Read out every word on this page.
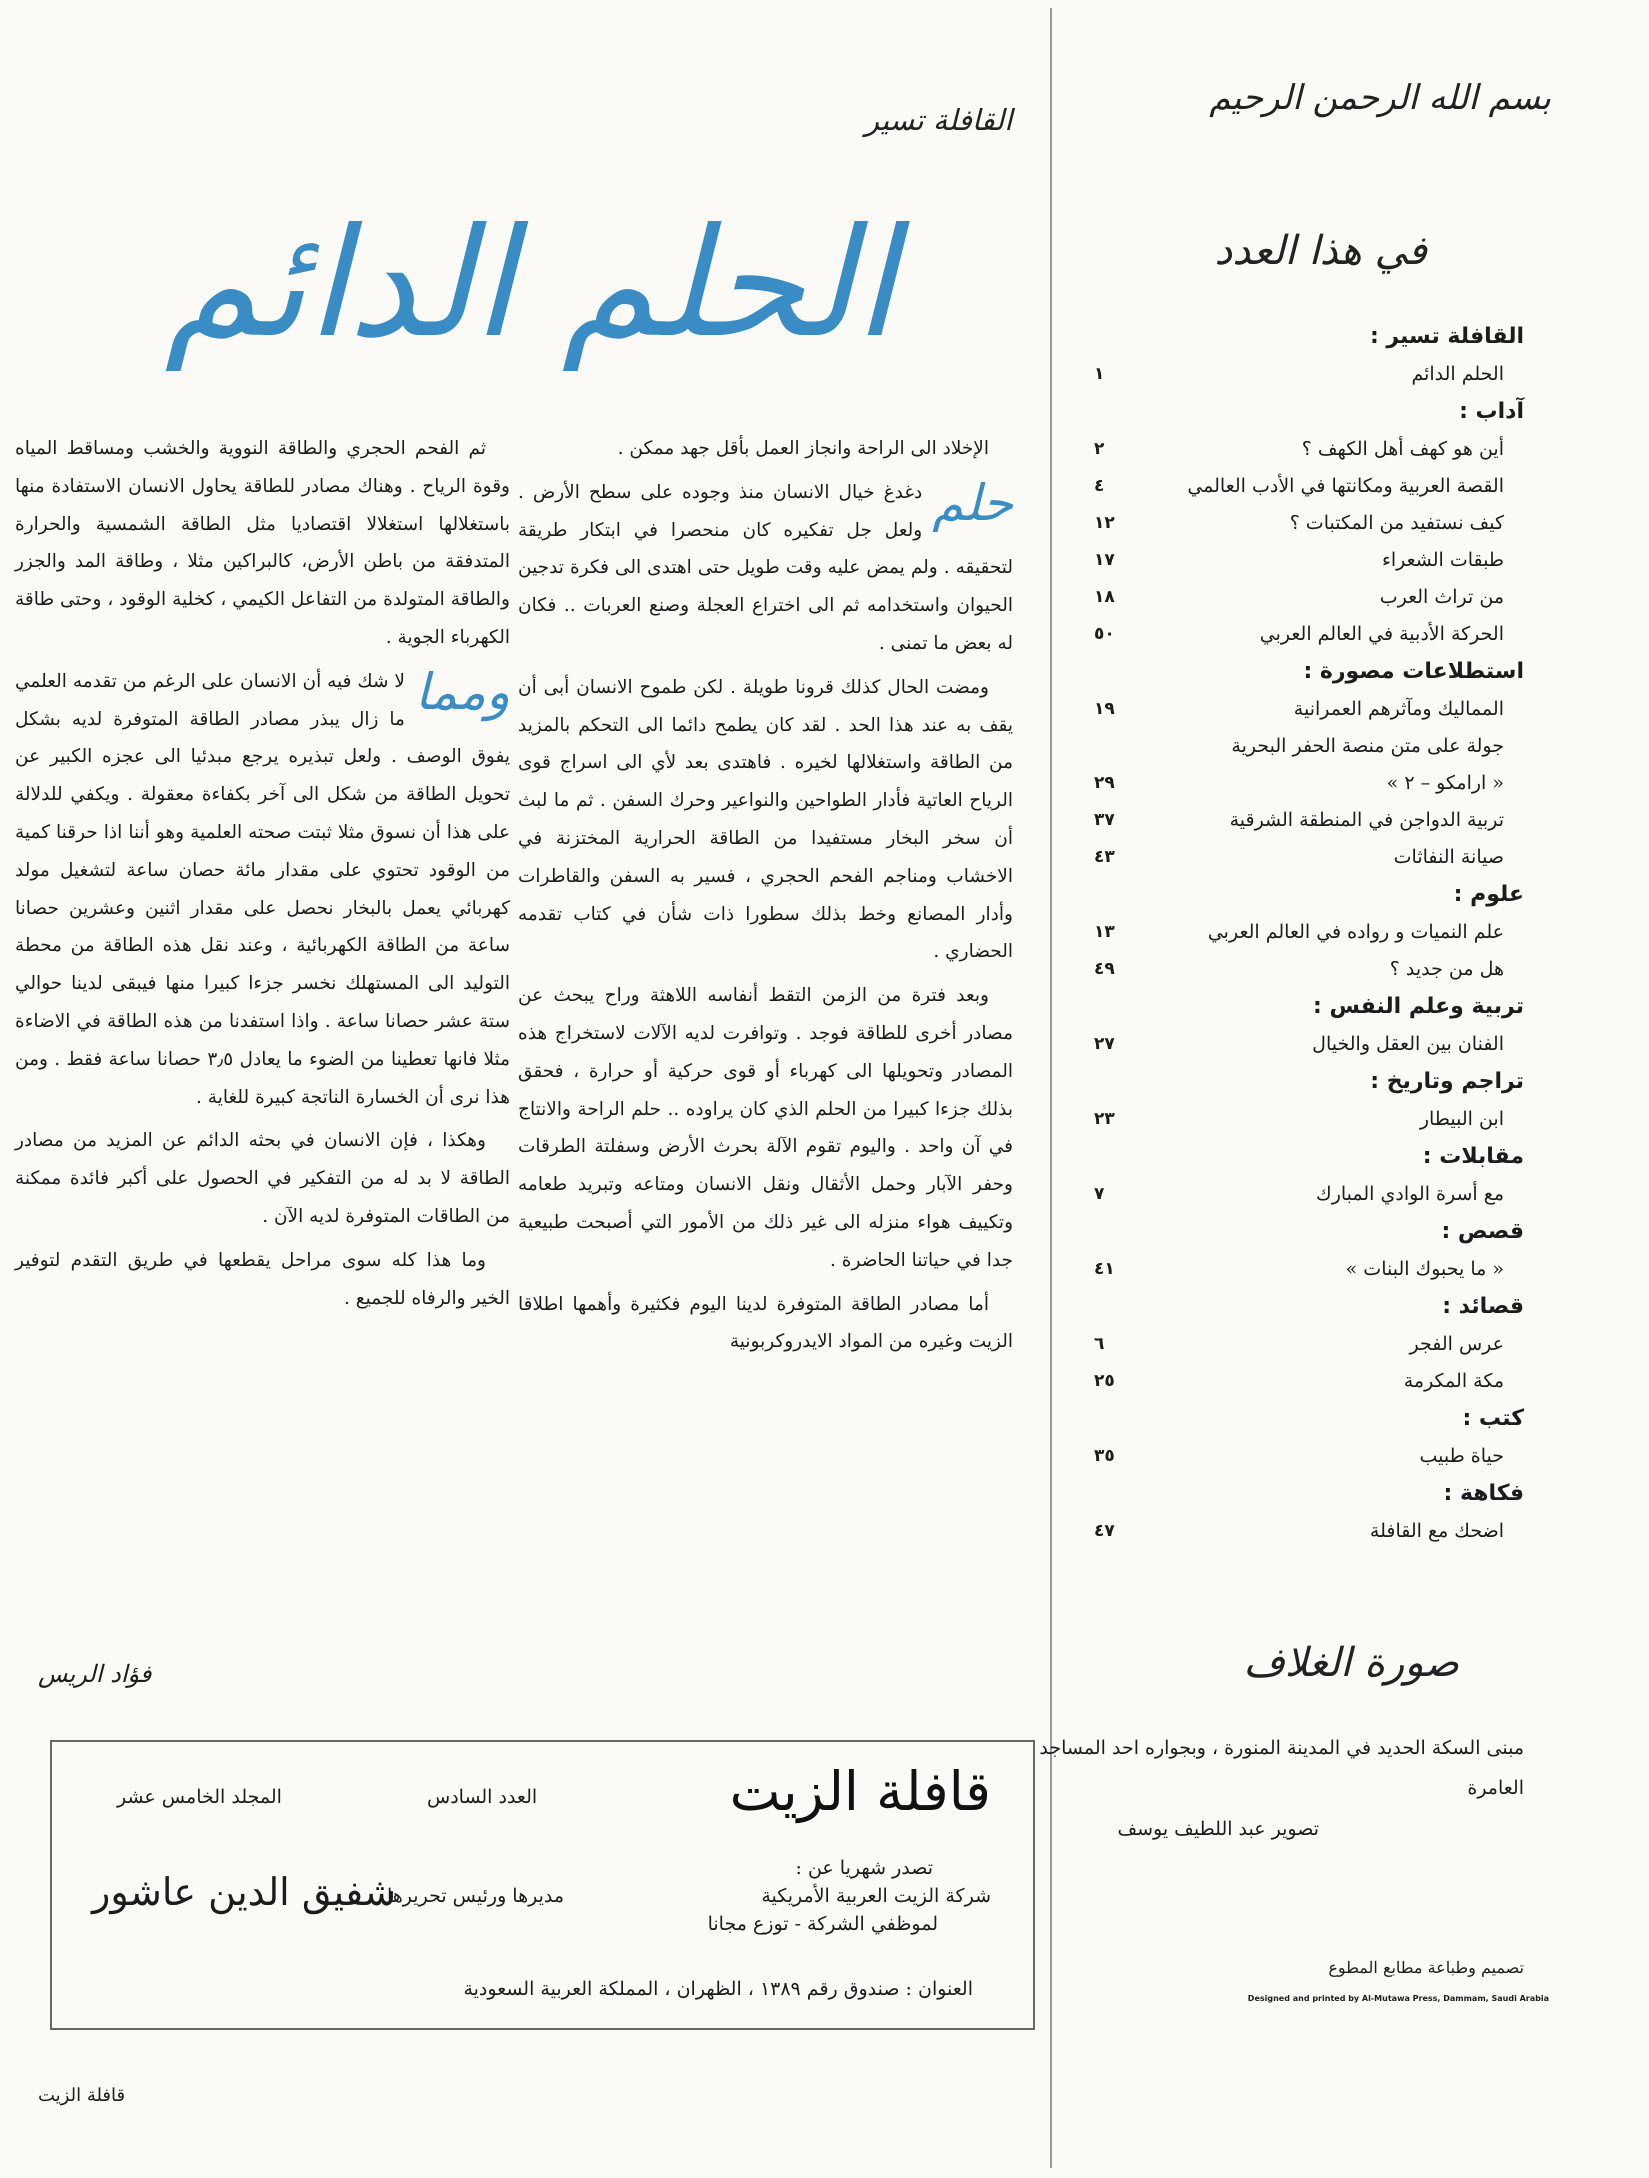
بسم الله الرحمن الرحيم
في هذا العدد
القافلة تسير :
الحلم الدائم
١
آداب :
أين هو كهف أهل الكهف ؟
٢
القصة العربية ومكانتها في الأدب العالمي
٤
كيف نستفيد من المكتبات ؟
١٢
طبقات الشعراء
١٧
من تراث العرب
١٨
الحركة الأدبية في العالم العربي
٥٠
استطلاعات مصورة :
المماليك ومآثرهم العمرانية
١٩
جولة على متن منصة الحفر البحرية
« ارامكو – ٢ »
٢٩
تربية الدواجن في المنطقة الشرقية
٣٧
صيانة النفاثات
٤٣
علوم :
علم النميات و رواده في العالم العربي
١٣
هل من جديد ؟
٤٩
تربية وعلم النفس :
الفنان بين العقل والخيال
٢٧
تراجم وتاريخ :
ابن البيطار
٢٣
مقابلات :
مع أسرة الوادي المبارك
٧
قصص :
« ما يحبوك البنات »
٤١
قصائد :
عرس الفجر
٦
مكة المكرمة
٢٥
كتب :
حياة طبيب
٣٥
فكاهة :
اضحك مع القافلة
٤٧
صورة الغلاف
مبنى السكة الحديد في المدينة المنورة ، وبجواره احد المساجد العامرة
تصوير عبد اللطيف يوسف
تصميم وطباعة مطابع المطوع
Designed and printed by Al-Mutawa Press, Dammam, Saudi Arabia
القافلة تسير
الحلم الدائم

الإخلاد الى الراحة وانجاز العمل بأقل جهد ممكن .

حلم
دغدغ خيال الانسان منذ وجوده على سطح الأرض . ولعل جل تفكيره كان منحصرا في ابتكار طريقة لتحقيقه . ولم يمض عليه وقت طويل حتى اهتدى الى فكرة تدجين الحيوان واستخدامه ثم الى اختراع العجلة وصنع العربات .. فكان له بعض ما تمنى .

ومضت الحال كذلك قرونا طويلة . لكن طموح الانسان أبى أن يقف به عند هذا الحد . لقد كان يطمح دائما الى التحكم بالمزيد من الطاقة واستغلالها لخيره . فاهتدى بعد لأي الى اسراج قوى الرياح العاتية فأدار الطواحين والنواعير وحرك السفن . ثم ما لبث أن سخر البخار مستفيدا من الطاقة الحرارية المختزنة في الاخشاب ومناجم الفحم الحجري ، فسير به السفن والقاطرات وأدار المصانع وخط بذلك سطورا ذات شأن في كتاب تقدمه الحضاري .

وبعد فترة من الزمن التقط أنفاسه اللاهثة وراح يبحث عن مصادر أخرى للطاقة فوجد . وتوافرت لديه الآلات لاستخراج هذه المصادر وتحويلها الى كهرباء أو قوى حركية أو حرارة ، فحقق بذلك جزءا كبيرا من الحلم الذي كان يراوده .. حلم الراحة والانتاج في آن واحد . واليوم تقوم الآلة بحرث الأرض وسفلتة الطرقات وحفر الآبار وحمل الأثقال ونقل الانسان ومتاعه وتبريد طعامه وتكييف هواء منزله الى غير ذلك من الأمور التي أصبحت طبيعية جدا في حياتنا الحاضرة .

أما مصادر الطاقة المتوفرة لدينا اليوم فكثيرة وأهمها اطلاقا الزيت وغيره من المواد الايدروكربونية

ثم الفحم الحجري والطاقة النووية والخشب ومساقط المياه وقوة الرياح . وهناك مصادر للطاقة يحاول الانسان الاستفادة منها باستغلالها استغلالا اقتصاديا مثل الطاقة الشمسية والحرارة المتدفقة من باطن الأرض، كالبراكين مثلا ، وطاقة المد والجزر والطاقة المتولدة من التفاعل الكيمي ، كخلية الوقود ، وحتى طاقة الكهرباء الجوية .

ومما
لا شك فيه أن الانسان على الرغم من تقدمه العلمي ما زال يبذر مصادر الطاقة المتوفرة لديه بشكل يفوق الوصف . ولعل تبذيره يرجع مبدئيا الى عجزه الكبير عن تحويل الطاقة من شكل الى آخر بكفاءة معقولة . ويكفي للدلالة على هذا أن نسوق مثلا ثبتت صحته العلمية وهو أننا اذا حرقنا كمية من الوقود تحتوي على مقدار مائة حصان ساعة لتشغيل مولد كهربائي يعمل بالبخار نحصل على مقدار اثنين وعشرين حصانا ساعة من الطاقة الكهربائية ، وعند نقل هذه الطاقة من محطة التوليد الى المستهلك نخسر جزءا كبيرا منها فيبقى لدينا حوالي ستة عشر حصانا ساعة . واذا استفدنا من هذه الطاقة في الاضاءة مثلا فانها تعطينا من الضوء ما يعادل ٣٫٥ حصانا ساعة فقط . ومن هذا نرى أن الخسارة الناتجة كبيرة للغاية .

وهكذا ، فإن الانسان في بحثه الدائم عن المزيد من مصادر الطاقة لا بد له من التفكير في الحصول على أكبر فائدة ممكنة من الطاقات المتوفرة لديه الآن .

وما هذا كله سوى مراحل يقطعها في طريق التقدم لتوفير الخير والرفاه للجميع .

فؤاد الريس
قافلة الزيت
العدد السادس
المجلد الخامس عشر
تصدر شهريا عن :
شركة الزيت العربية الأمريكية
لموظفي الشركة - توزع مجانا
مديرها ورئيس تحريرها
شفيق الدين عاشور
العنوان : صندوق رقم ١٣٨٩ ، الظهران ، المملكة العربية السعودية
قافلة الزيت
